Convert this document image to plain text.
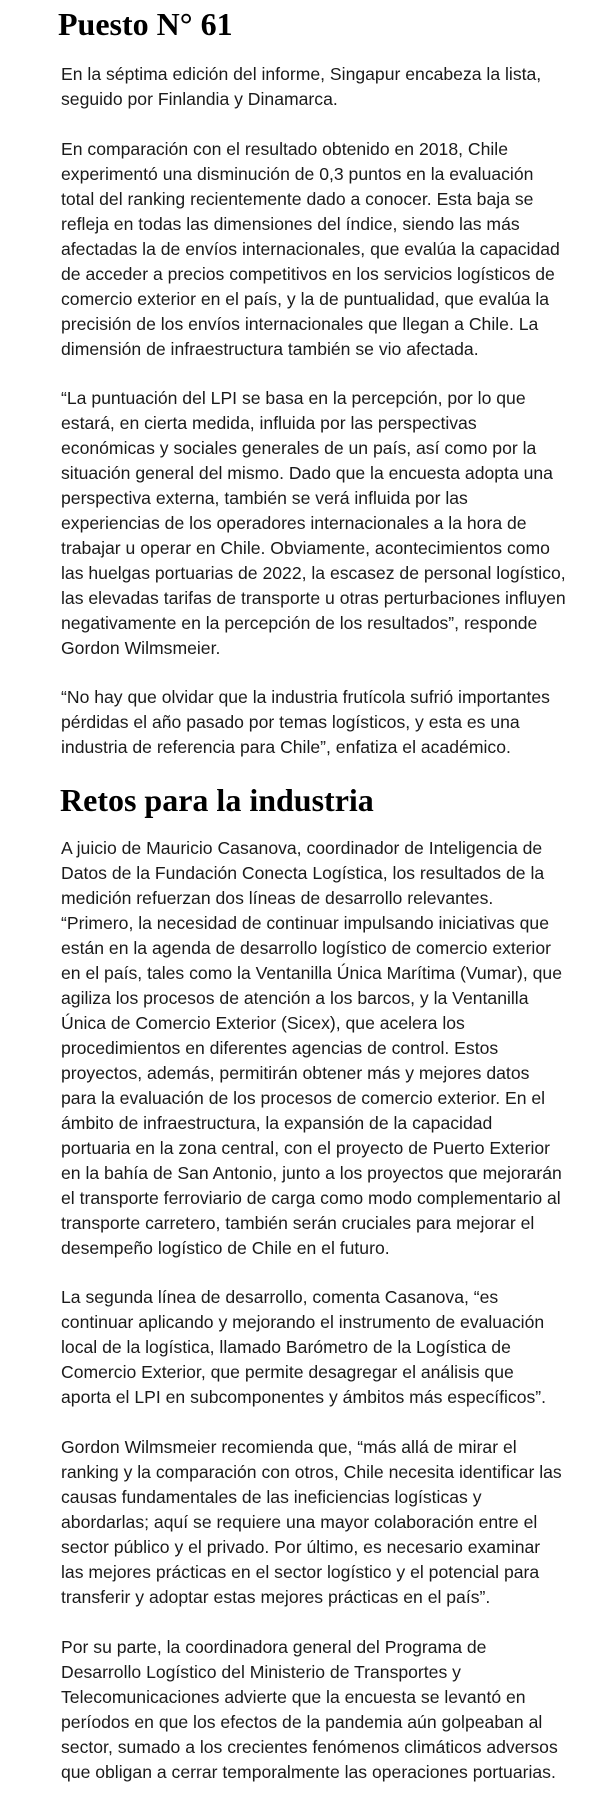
Puesto N° 61

En la séptima edición del informe, Singapur encabeza la lista, seguido por Finlandia y Dinamarca.

En comparación con el resultado obtenido en 2018, Chile experimentó una disminución de 0,3 puntos en la evaluación total del ranking recientemente dado a conocer. Esta baja se refleja en todas las dimensiones del índice, siendo las más afectadas la de envíos internacionales, que evalúa la capacidad de acceder a precios competitivos en los servicios logísticos de comercio exterior en el país, y la de puntualidad, que evalúa la precisión de los envíos internacionales que llegan a Chile. La dimensión de infraestructura también se vio afectada.

“La puntuación del LPI se basa en la percepción, por lo que estará, en cierta medida, influida por las perspectivas económicas y sociales generales de un país, así como por la situación general del mismo. Dado que la encuesta adopta una perspectiva externa, también se verá influida por las experiencias de los operadores internacionales a la hora de trabajar u operar en Chile. Obviamente, acontecimientos como las huelgas portuarias de 2022, la escasez de personal logístico, las elevadas tarifas de transporte u otras perturbaciones influyen negativamente en la percepción de los resultados”, responde Gordon Wilmsmeier.

“No hay que olvidar que la industria frutícola sufrió importantes pérdidas el año pasado por temas logísticos, y esta es una industria de referencia para Chile”, enfatiza el académico.

Retos para la industria

A juicio de Mauricio Casanova, coordinador de Inteligencia de Datos de la Fundación Conecta Logística, los resultados de la medición refuerzan dos líneas de desarrollo relevantes. “Primero, la necesidad de continuar impulsando iniciativas que están en la agenda de desarrollo logístico de comercio exterior en el país, tales como la Ventanilla Única Marítima (Vumar), que agiliza los procesos de atención a los barcos, y la Ventanilla Única de Comercio Exterior (Sicex), que acelera los procedimientos en diferentes agencias de control. Estos proyectos, además, permitirán obtener más y mejores datos para la evaluación de los procesos de comercio exterior. En el ámbito de infraestructura, la expansión de la capacidad portuaria en la zona central, con el proyecto de Puerto Exterior en la bahía de San Antonio, junto a los proyectos que mejorarán el transporte ferroviario de carga como modo complementario al transporte carretero, también serán cruciales para mejorar el desempeño logístico de Chile en el futuro.

La segunda línea de desarrollo, comenta Casanova, “es continuar aplicando y mejorando el instrumento de evaluación local de la logística, llamado Barómetro de la Logística de Comercio Exterior, que permite desagregar el análisis que aporta el LPI en subcomponentes y ámbitos más específicos”.

Gordon Wilmsmeier recomienda que, “más allá de mirar el ranking y la comparación con otros, Chile necesita identificar las causas fundamentales de las ineficiencias logísticas y abordarlas; aquí se requiere una mayor colaboración entre el sector público y el privado. Por último, es necesario examinar las mejores prácticas en el sector logístico y el potencial para transferir y adoptar estas mejores prácticas en el país”.

Por su parte, la coordinadora general del Programa de Desarrollo Logístico del Ministerio de Transportes y Telecomunicaciones advierte que la encuesta se levantó en períodos en que los efectos de la pandemia aún golpeaban al sector, sumado a los crecientes fenómenos climáticos adversos que obligan a cerrar temporalmente las operaciones portuarias.
